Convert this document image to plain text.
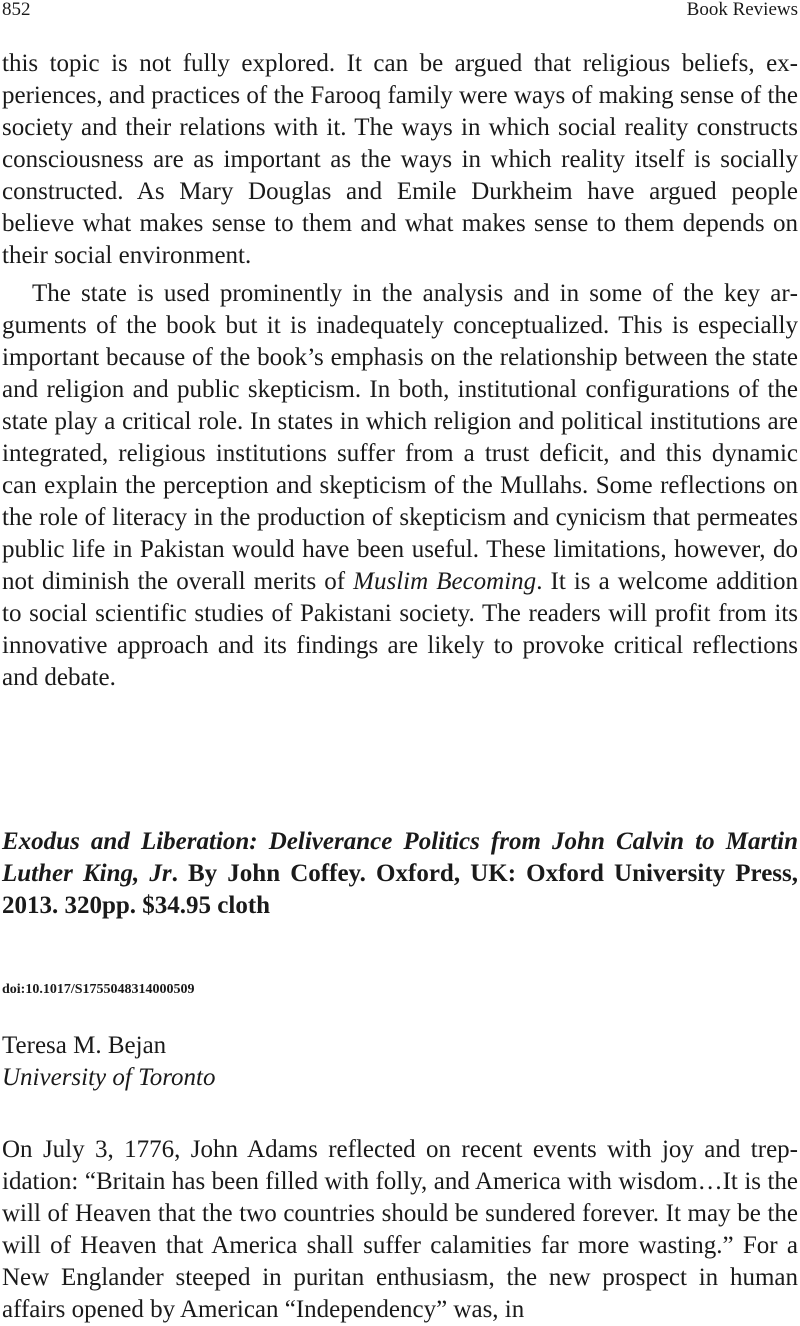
852	Book Reviews

this topic is not fully explored. It can be argued that religious beliefs, experiences, and practices of the Farooq family were ways of making sense of the society and their relations with it. The ways in which social reality constructs consciousness are as important as the ways in which reality itself is socially constructed. As Mary Douglas and Emile Durkheim have argued people believe what makes sense to them and what makes sense to them depends on their social environment.

The state is used prominently in the analysis and in some of the key arguments of the book but it is inadequately conceptualized. This is especially important because of the book’s emphasis on the relationship between the state and religion and public skepticism. In both, institutional configurations of the state play a critical role. In states in which religion and political institutions are integrated, religious institutions suffer from a trust deficit, and this dynamic can explain the perception and skepticism of the Mullahs. Some reflections on the role of literacy in the production of skepticism and cynicism that permeates public life in Pakistan would have been useful. These limitations, however, do not diminish the overall merits of Muslim Becoming. It is a welcome addition to social scientific studies of Pakistani society. The readers will profit from its innovative approach and its findings are likely to provoke critical reflections and debate.

Exodus and Liberation: Deliverance Politics from John Calvin to Martin Luther King, Jr. By John Coffey. Oxford, UK: Oxford University Press, 2013. 320pp. $34.95 cloth

doi:10.1017/S1755048314000509
Teresa M. Bejan
University of Toronto

On July 3, 1776, John Adams reflected on recent events with joy and trepidation: “Britain has been filled with folly, and America with wisdom…It is the will of Heaven that the two countries should be sundered forever. It may be the will of Heaven that America shall suffer calamities far more wasting.” For a New Englander steeped in puritan enthusiasm, the new prospect in human affairs opened by American “Independency” was, in
